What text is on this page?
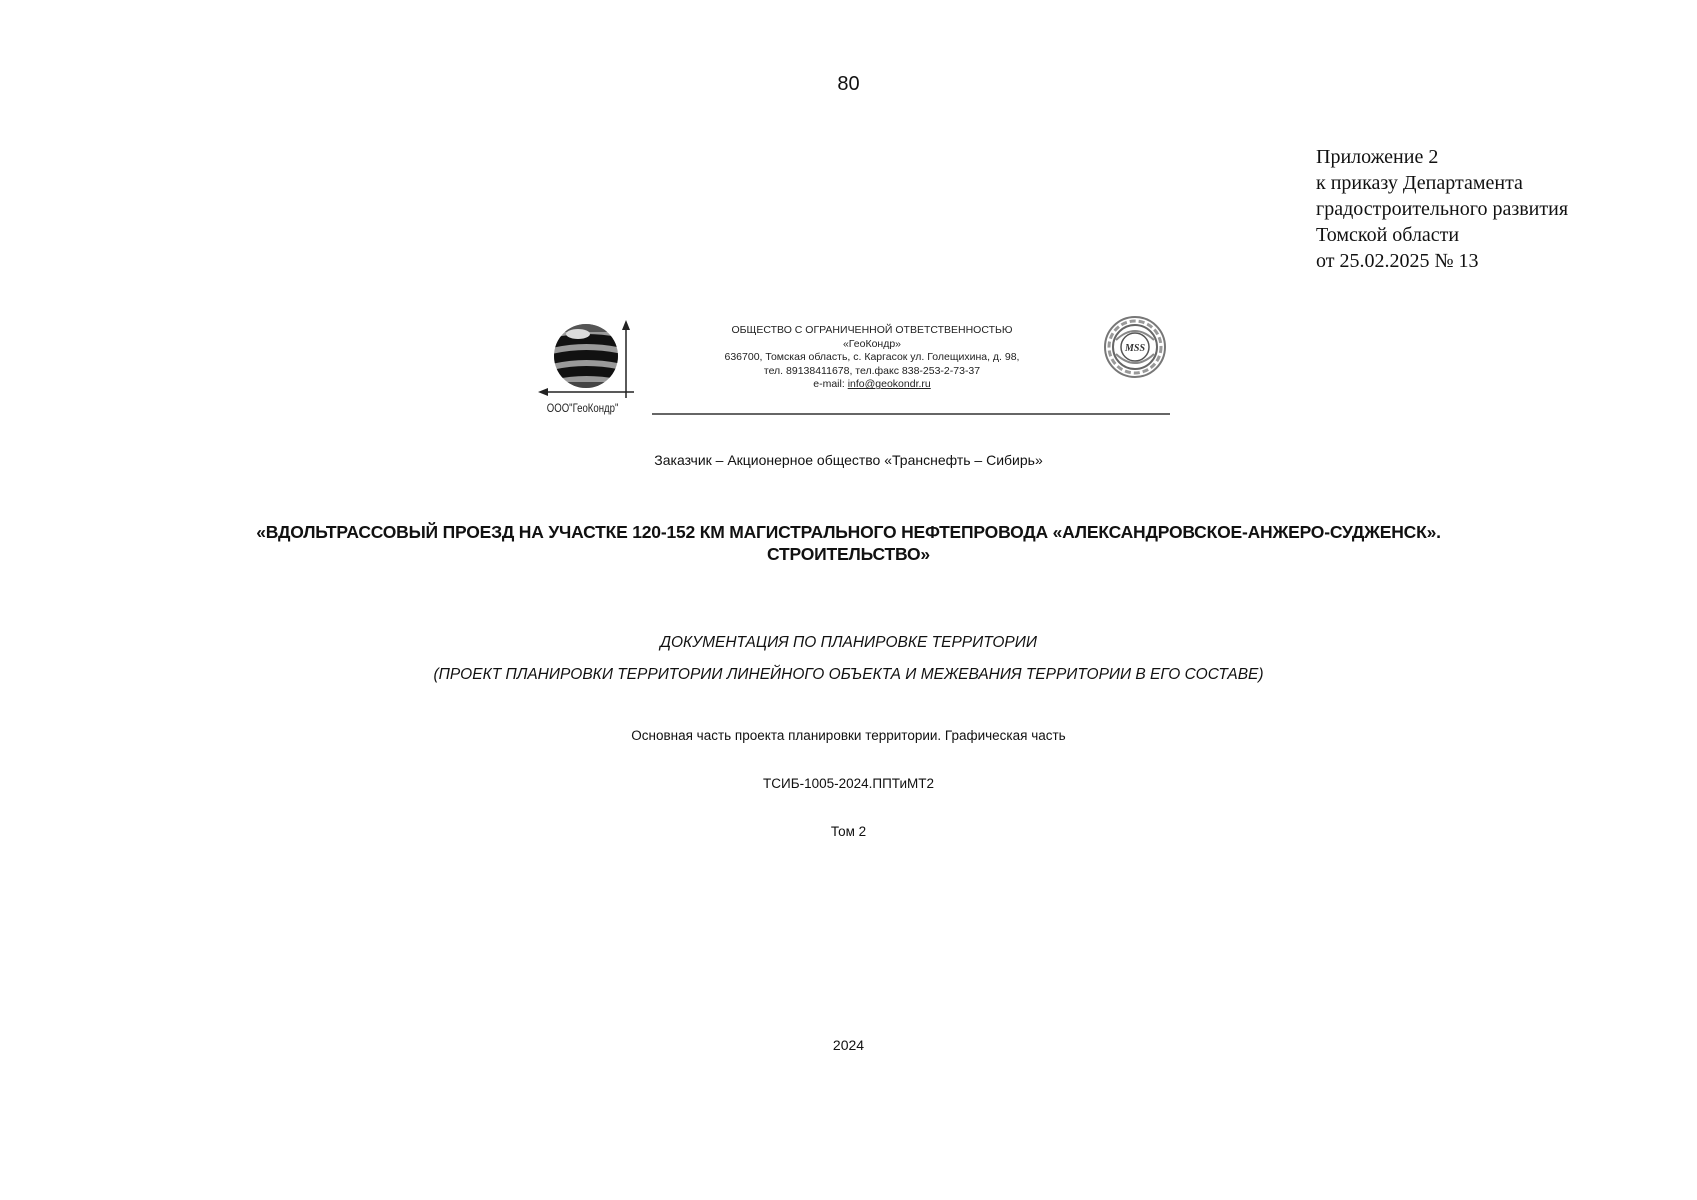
80
Приложение 2
к приказу Департамента
градостроительного развития
Томской области
от 25.02.2025 № 13
ООО"ГеоКондр"
ОБЩЕСТВО С ОГРАНИЧЕННОЙ ОТВЕТСТВЕННОСТЬЮ
«ГеоКондр»
636700, Томская область, с. Каргасок ул. Голещихина, д. 98,
тел. 89138411678, тел.факс 838-253-2-73-37
e-mail: info@geokondr.ru
MSS
Заказчик – Акционерное общество «Транснефть – Сибирь»
«ВДОЛЬТРАССОВЫЙ ПРОЕЗД НА УЧАСТКЕ 120-152 КМ МАГИСТРАЛЬНОГО НЕФТЕПРОВОДА «АЛЕКСАНДРОВСКОЕ-АНЖЕРО-СУДЖЕНСК».
СТРОИТЕЛЬСТВО»
ДОКУМЕНТАЦИЯ ПО ПЛАНИРОВКЕ ТЕРРИТОРИИ
(ПРОЕКТ ПЛАНИРОВКИ ТЕРРИТОРИИ ЛИНЕЙНОГО ОБЪЕКТА И МЕЖЕВАНИЯ ТЕРРИТОРИИ В ЕГО СОСТАВЕ)
Основная часть проекта планировки территории. Графическая часть
ТСИБ-1005-2024.ППТиМТ2
Том 2
2024
